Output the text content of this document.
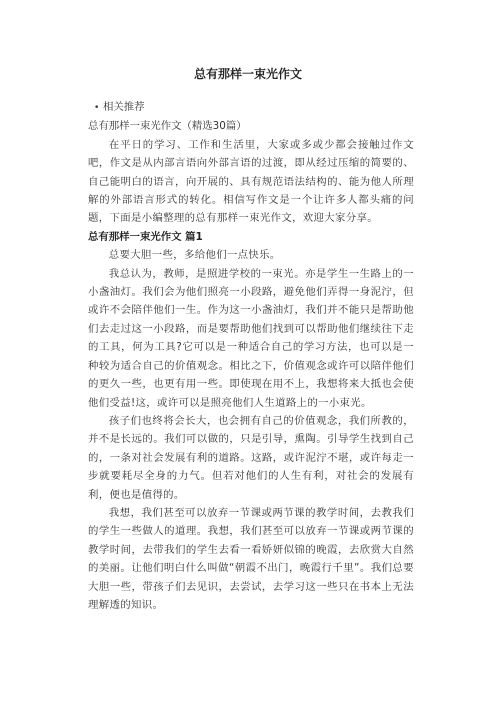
总有那样一束光作文

• 相关推荐

总有那样一束光作文（精选30篇）

在平日的学习、工作和生活里，大家或多或少都会接触过作文吧，作文是从内部言语向外部言语的过渡，即从经过压缩的简要的、自己能明白的语言，向开展的、具有规范语法结构的、能为他人所理解的外部语言形式的转化。相信写作文是一个让许多人都头痛的问题，下面是小编整理的总有那样一束光作文，欢迎大家分享。

总有那样一束光作文 篇1

总要大胆一些，多给他们一点快乐。

我总认为，教师，是照进学校的一束光。亦是学生一生路上的一小盏油灯。我们会为他们照亮一小段路，避免他们弄得一身泥泞，但或许不会陪伴他们一生。作为这一小盏油灯，我们并不能只是帮助他们去走过这一小段路，而是要帮助他们找到可以帮助他们继续往下走的工具，何为工具?它可以是一种适合自己的学习方法，也可以是一种较为适合自己的价值观念。相比之下，价值观念或许可以陪伴他们的更久一些，也更有用一些。即使现在用不上，我想将来大抵也会使他们受益!这，或许可以是照亮他们人生道路上的一小束光。

孩子们也终将会长大，也会拥有自己的价值观念，我们所教的，并不是长远的。我们可以做的，只是引导，熏陶。引导学生找到自己的，一条对社会发展有利的道路。这路，或许泥泞不堪，或许每走一步就要耗尽全身的力气。但若对他们的人生有利，对社会的发展有利，便也是值得的。

我想，我们甚至可以放弃一节课或两节课的教学时间，去教我们的学生一些做人的道理。我想，我们甚至可以放弃一节课或两节课的教学时间，去带我们的学生去看一看娇妍似锦的晚霞，去欣赏大自然的美丽。让他们明白什么叫做“朝霞不出门，晚霞行千里”。我们总要大胆一些，带孩子们去见识，去尝试，去学习这一些只在书本上无法理解透的知识。
